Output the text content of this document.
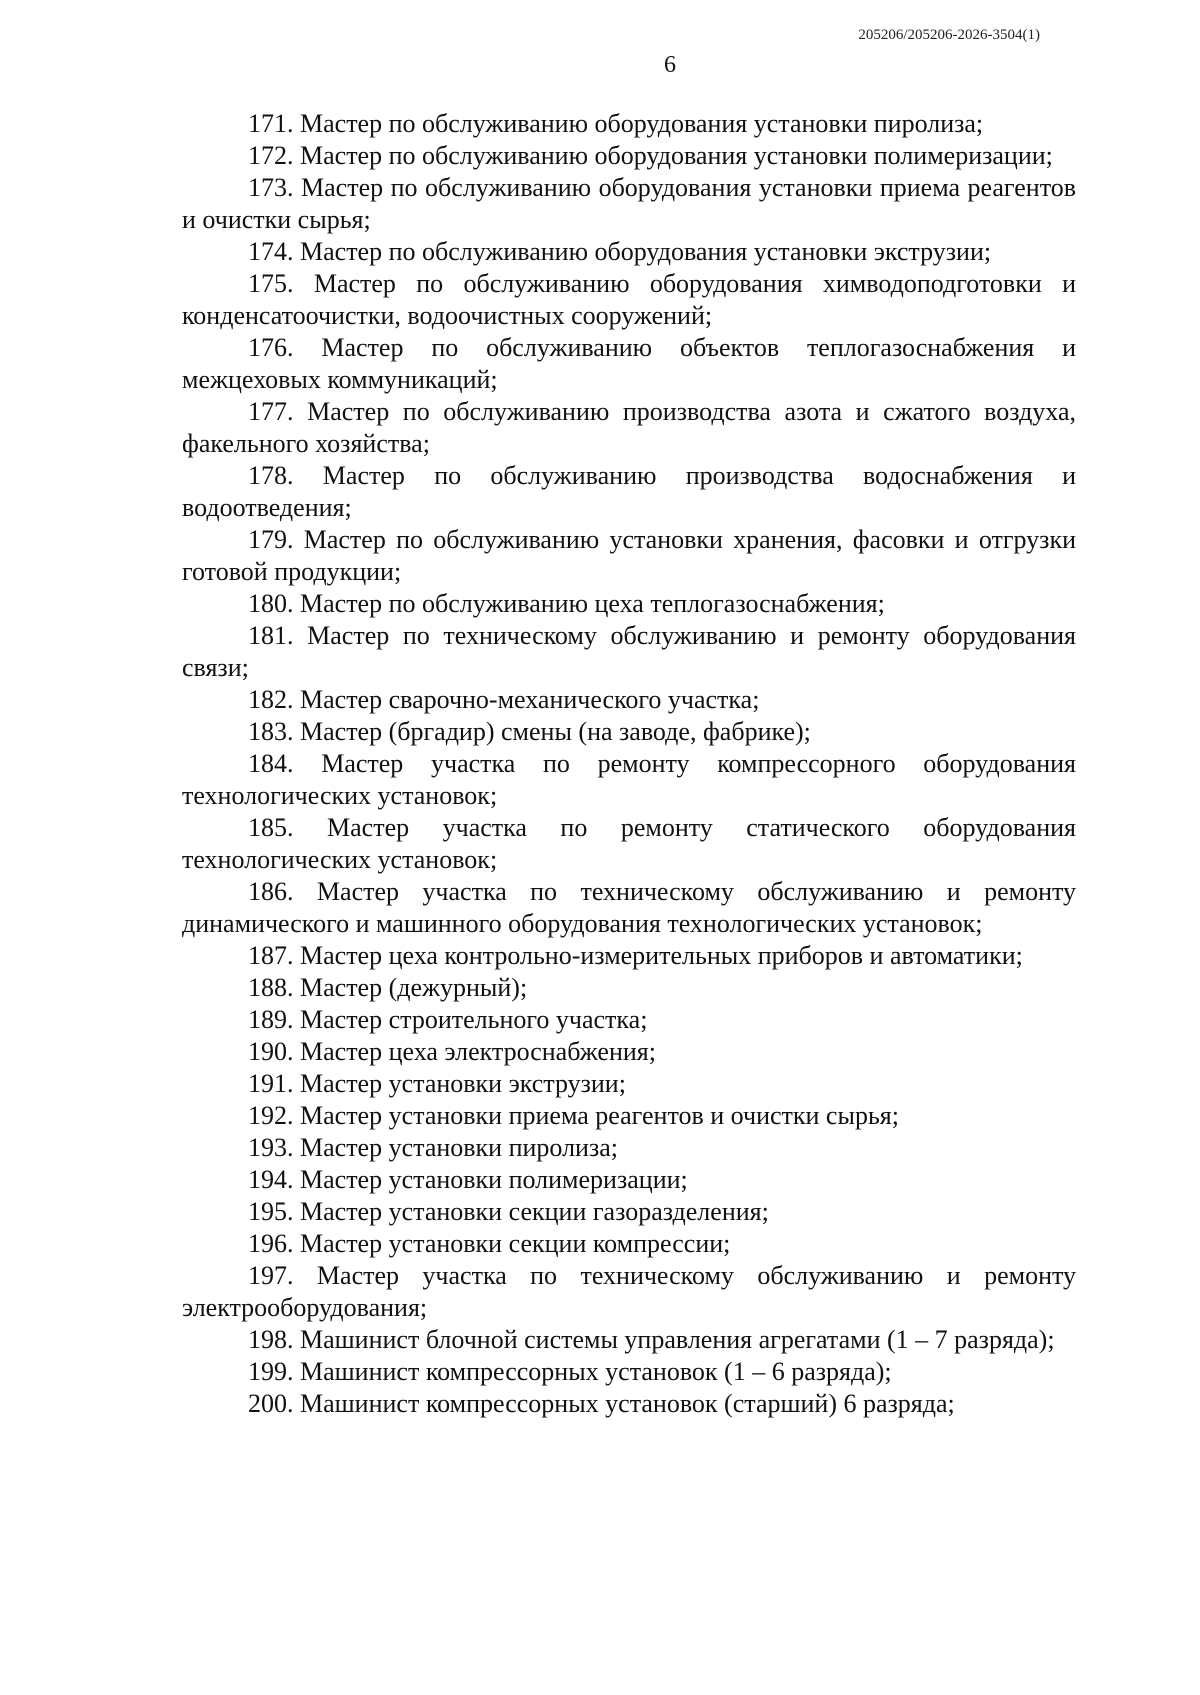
205206/205206-2026-3504(1)
6

171. Мастер по обслуживанию оборудования установки пиролиза;

172. Мастер по обслуживанию оборудования установки полимеризации;

173. Мастер по обслуживанию оборудования установки приема реагентов и очистки сырья;

174. Мастер по обслуживанию оборудования установки экструзии;

175. Мастер по обслуживанию оборудования химводоподготовки и конденсатоочистки, водоочистных сооружений;

176. Мастер по обслуживанию объектов теплогазоснабжения и межцеховых коммуникаций;

177. Мастер по обслуживанию производства азота и сжатого воздуха, факельного хозяйства;

178. Мастер по обслуживанию производства водоснабжения и водоотведения;

179. Мастер по обслуживанию установки хранения, фасовки и отгрузки готовой продукции;

180. Мастер по обслуживанию цеха теплогазоснабжения;

181. Мастер по техническому обслуживанию и ремонту оборудования связи;

182. Мастер сварочно-механического участка;

183. Мастер (бргадир) смены (на заводе, фабрике);

184. Мастер участка по ремонту компрессорного оборудования технологических установок;

185. Мастер участка по ремонту статического оборудования технологических установок;

186. Мастер участка по техническому обслуживанию и ремонту динамического и машинного оборудования технологических установок;

187. Мастер цеха контрольно-измерительных приборов и автоматики;

188. Мастер (дежурный);

189. Мастер строительного участка;

190. Мастер цеха электроснабжения;

191. Мастер установки экструзии;

192. Мастер установки приема реагентов и очистки сырья;

193. Мастер установки пиролиза;

194. Мастер установки полимеризации;

195. Мастер установки секции газоразделения;

196. Мастер установки секции компрессии;

197. Мастер участка по техническому обслуживанию и ремонту электрооборудования;

198. Машинист блочной системы управления агрегатами (1 – 7 разряда);

199. Машинист компрессорных установок (1 – 6 разряда);

200. Машинист компрессорных установок (старший) 6 разряда;
